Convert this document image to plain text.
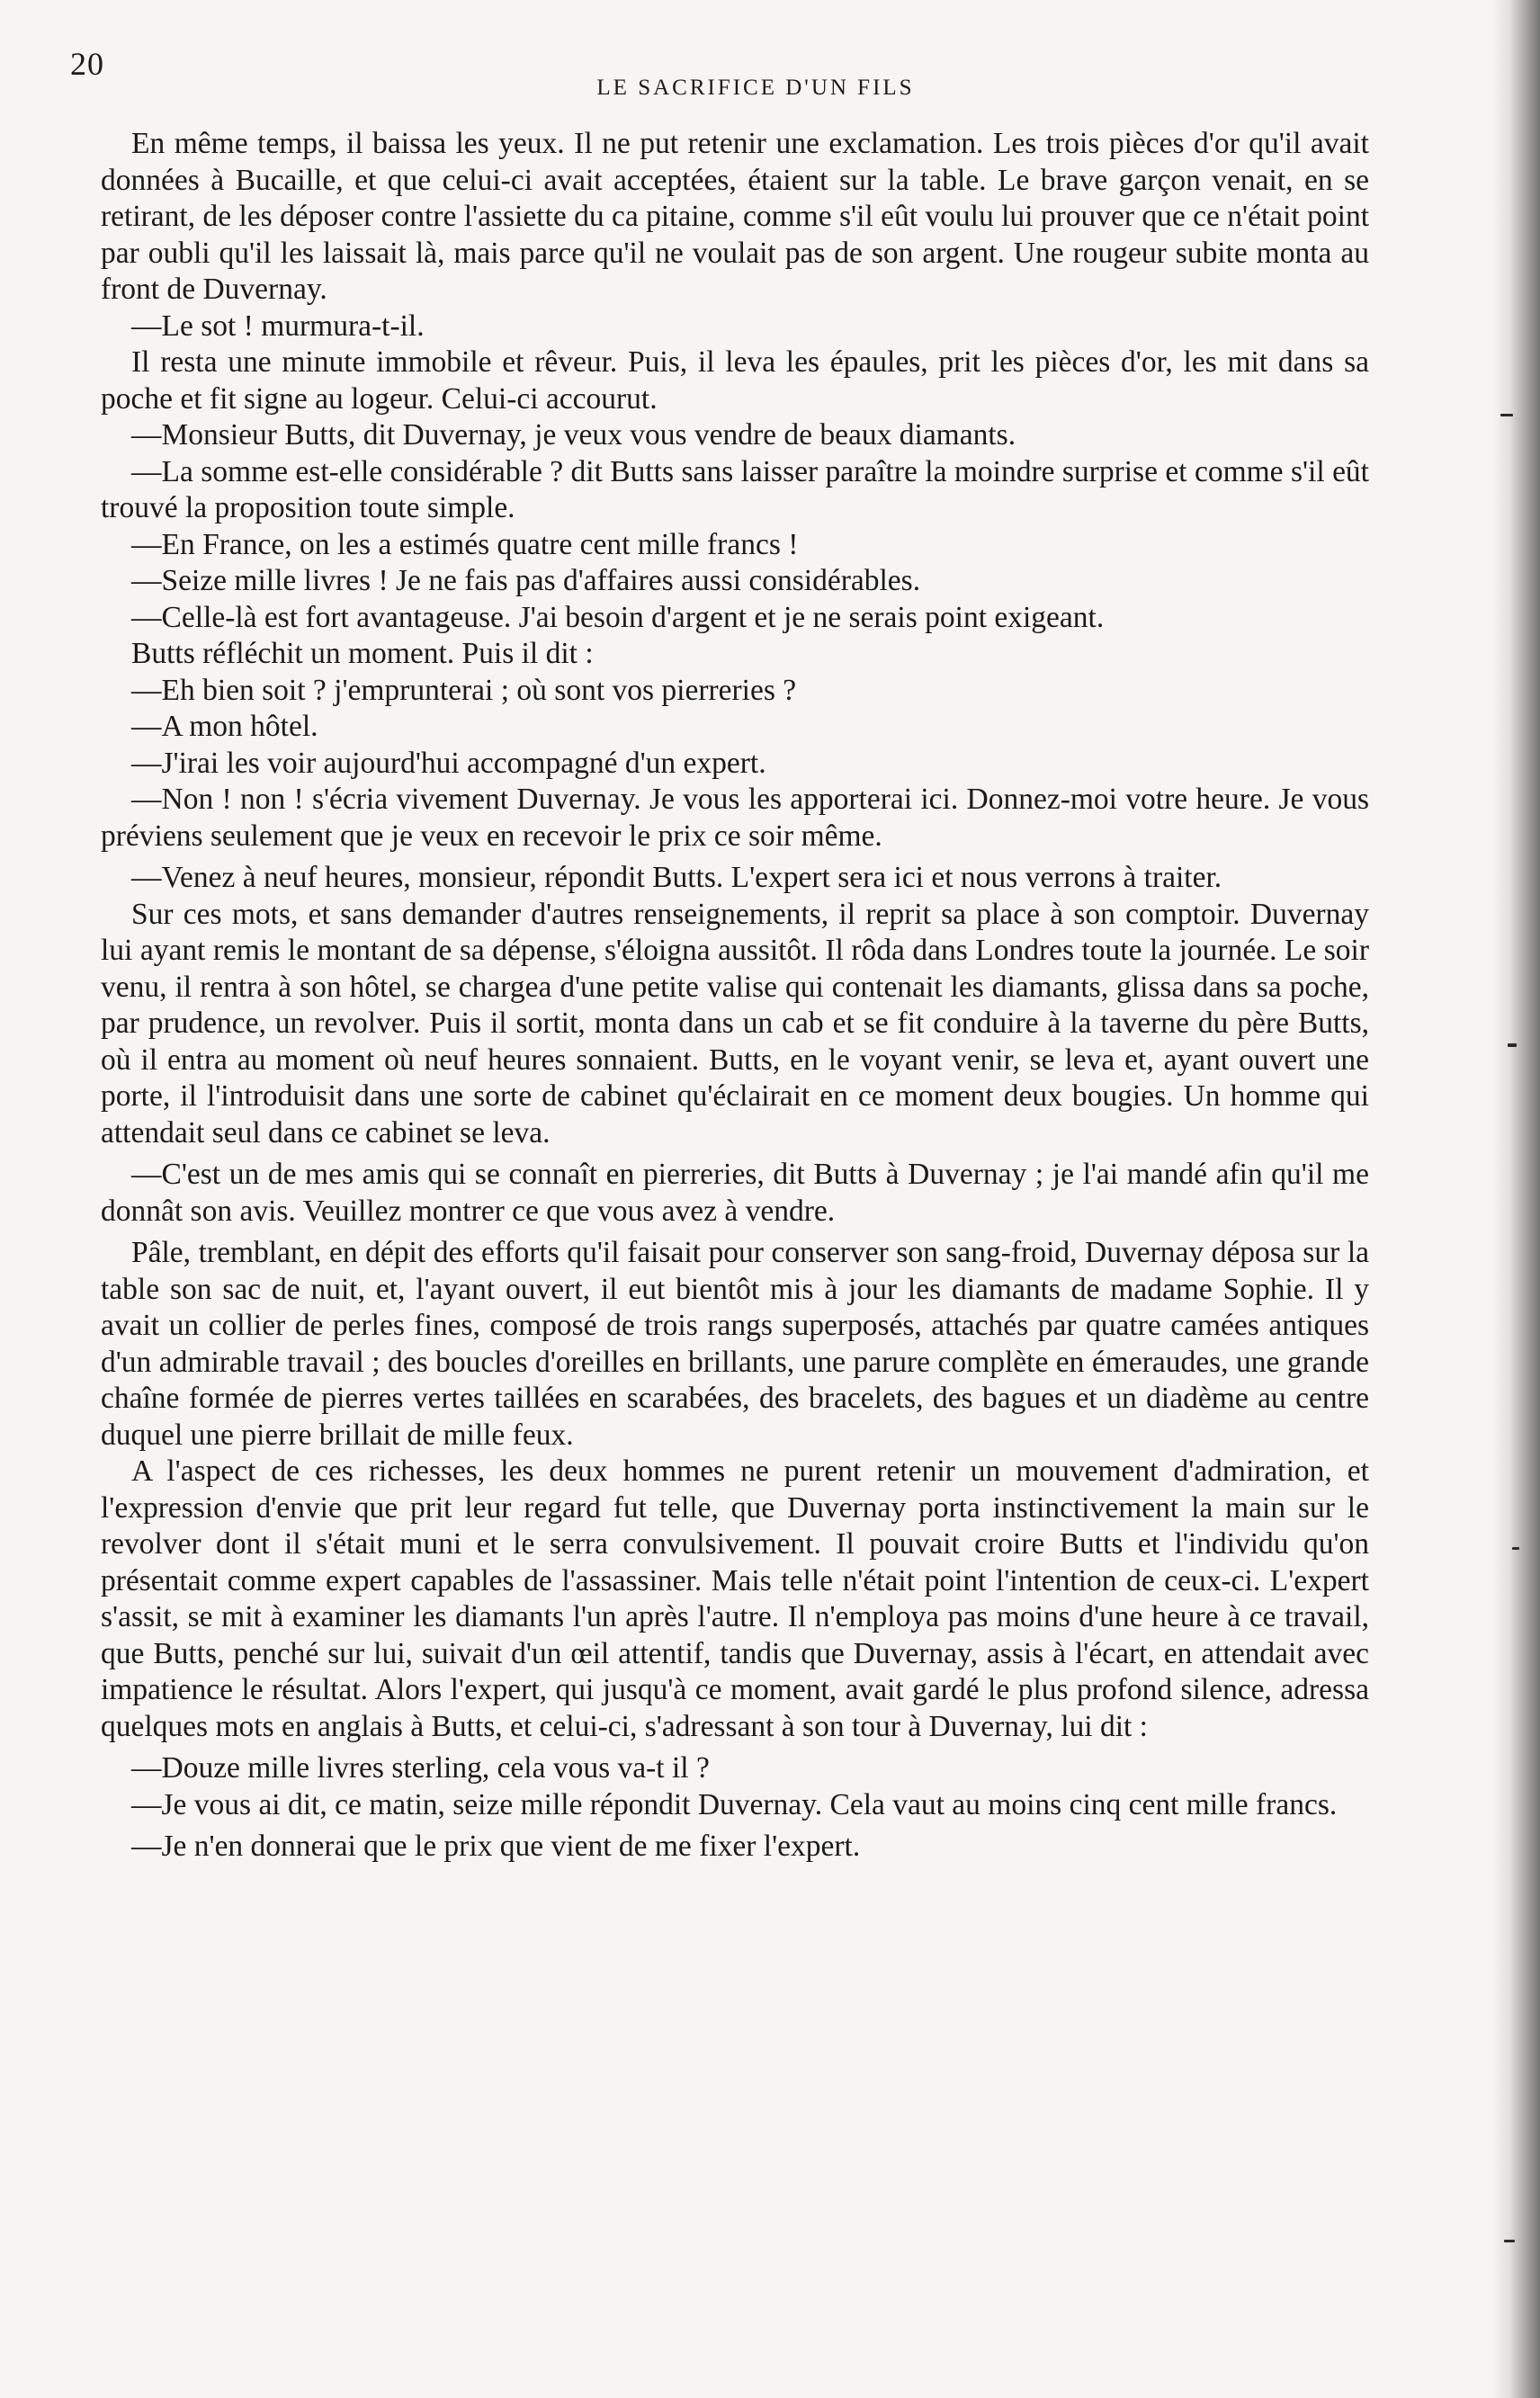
20
LE SACRIFICE D'UN FILS

En même temps, il baissa les yeux. Il ne put retenir une exclamation. Les trois pièces d'or qu'il avait données à Bucaille, et que celui-ci avait acceptées, étaient sur la table. Le brave garçon venait, en se retirant, de les déposer contre l'assiette du ca pitaine, comme s'il eût voulu lui prouver que ce n'était point par oubli qu'il les laissait là, mais parce qu'il ne voulait pas de son argent. Une rougeur subite monta au front de Duvernay.

—Le sot ! murmura-t-il.

Il resta une minute immobile et rêveur. Puis, il leva les épaules, prit les pièces d'or, les mit dans sa poche et fit signe au logeur. Celui-ci accourut.

—Monsieur Butts, dit Duvernay, je veux vous vendre de beaux diamants.

—La somme est-elle considérable ? dit Butts sans laisser paraître la moindre surprise et comme s'il eût trouvé la proposition toute simple.

—En France, on les a estimés quatre cent mille francs !

—Seize mille livres ! Je ne fais pas d'affaires aussi considérables.

—Celle-là est fort avantageuse. J'ai besoin d'argent et je ne serais point exigeant.

Butts réfléchit un moment. Puis il dit :

—Eh bien soit ? j'emprunterai ; où sont vos pierreries ?

—A mon hôtel.

—J'irai les voir aujourd'hui accompagné d'un expert.

—Non ! non ! s'écria vivement Duvernay. Je vous les apporterai ici. Donnez-moi votre heure. Je vous préviens seulement que je veux en recevoir le prix ce soir même.

—Venez à neuf heures, monsieur, répondit Butts. L'expert sera ici et nous verrons à traiter.

Sur ces mots, et sans demander d'autres renseignements, il reprit sa place à son comptoir. Duvernay lui ayant remis le montant de sa dépense, s'éloigna aussitôt. Il rôda dans Londres toute la journée. Le soir venu, il rentra à son hôtel, se chargea d'une petite valise qui contenait les diamants, glissa dans sa poche, par prudence, un revolver. Puis il sortit, monta dans un cab et se fit conduire à la taverne du père Butts, où il entra au moment où neuf heures sonnaient. Butts, en le voyant venir, se leva et, ayant ouvert une porte, il l'introduisit dans une sorte de cabinet qu'éclairait en ce moment deux bougies. Un homme qui attendait seul dans ce cabinet se leva.

—C'est un de mes amis qui se connaît en pierreries, dit Butts à Duvernay ; je l'ai mandé afin qu'il me donnât son avis. Veuillez montrer ce que vous avez à vendre.

Pâle, tremblant, en dépit des efforts qu'il faisait pour conserver son sang-froid, Duvernay déposa sur la table son sac de nuit, et, l'ayant ouvert, il eut bientôt mis à jour les diamants de madame Sophie. Il y avait un collier de perles fines, composé de trois rangs superposés, attachés par quatre camées antiques d'un admirable travail ; des boucles d'oreilles en brillants, une parure complète en émeraudes, une grande chaîne formée de pierres vertes taillées en scarabées, des bracelets, des bagues et un diadème au centre duquel une pierre brillait de mille feux.

A l'aspect de ces richesses, les deux hommes ne purent retenir un mouvement d'admiration, et l'expression d'envie que prit leur regard fut telle, que Duvernay porta instinctivement la main sur le revolver dont il s'était muni et le serra convulsivement. Il pouvait croire Butts et l'individu qu'on présentait comme expert capables de l'assassiner. Mais telle n'était point l'intention de ceux-ci. L'expert s'assit, se mit à examiner les diamants l'un après l'autre. Il n'employa pas moins d'une heure à ce travail, que Butts, penché sur lui, suivait d'un œil attentif, tandis que Duvernay, assis à l'écart, en attendait avec impatience le résultat. Alors l'expert, qui jusqu'à ce moment, avait gardé le plus profond silence, adressa quelques mots en anglais à Butts, et celui-ci, s'adressant à son tour à Duvernay, lui dit :

—Douze mille livres sterling, cela vous va-t il ?

—Je vous ai dit, ce matin, seize mille répondit Duvernay. Cela vaut au moins cinq cent mille francs.

—Je n'en donnerai que le prix que vient de me fixer l'expert.
